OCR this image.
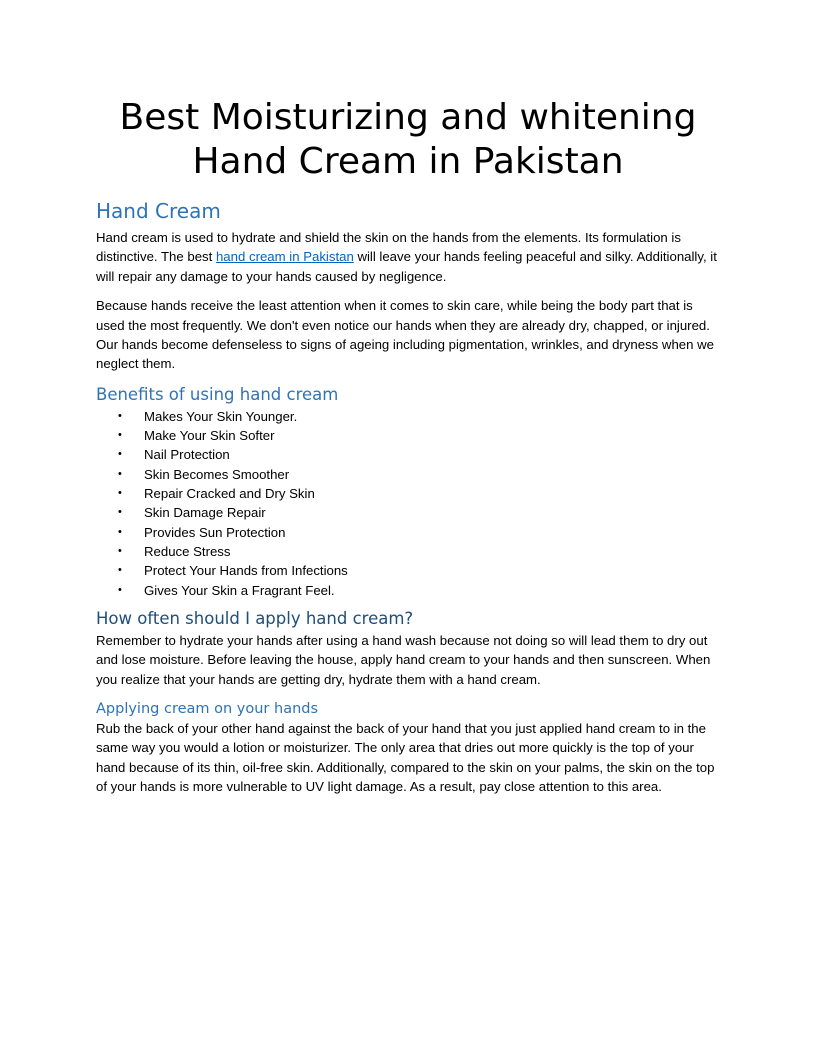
Best Moisturizing and whitening Hand Cream in Pakistan
Hand Cream

Hand cream is used to hydrate and shield the skin on the hands from the elements. Its formulation is distinctive. The best hand cream in Pakistan will leave your hands feeling peaceful and silky. Additionally, it will repair any damage to your hands caused by negligence.

Because hands receive the least attention when it comes to skin care, while being the body part that is used the most frequently. We don't even notice our hands when they are already dry, chapped, or injured. Our hands become defenseless to signs of ageing including pigmentation, wrinkles, and dryness when we neglect them.

Benefits of using hand cream
• Makes Your Skin Younger.
• Make Your Skin Softer
• Nail Protection
• Skin Becomes Smoother
• Repair Cracked and Dry Skin
• Skin Damage Repair
• Provides Sun Protection
• Reduce Stress
• Protect Your Hands from Infections
• Gives Your Skin a Fragrant Feel.
How often should I apply hand cream?

Remember to hydrate your hands after using a hand wash because not doing so will lead them to dry out and lose moisture. Before leaving the house, apply hand cream to your hands and then sunscreen. When you realize that your hands are getting dry, hydrate them with a hand cream.

Applying cream on your hands

Rub the back of your other hand against the back of your hand that you just applied hand cream to in the same way you would a lotion or moisturizer. The only area that dries out more quickly is the top of your hand because of its thin, oil-free skin. Additionally, compared to the skin on your palms, the skin on the top of your hands is more vulnerable to UV light damage. As a result, pay close attention to this area.
